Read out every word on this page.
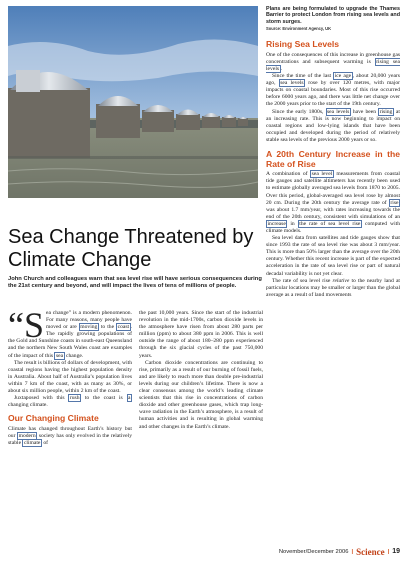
Plans are being formulated to upgrade the Thames Barrier to protect London from rising sea levels and storm surges.
Source: Environment Agency, UK
Rising Sea Levels

One of the consequences of this increase in greenhouse gas concentrations and subsequent warming is rising sea levels .

Since the time of the last ice age , about 20,000 years ago, sea levels rose by over 120 metres, with major impacts on coastal boundaries. Most of this rise occurred before 6000 years ago, and there was little net change over the 2000 years prior to the start of the 19th century.

Since the early 1800s, sea levels have been rising at an increasing rate. This is now beginning to impact on coastal regions and low-lying islands that have been occupied and developed during the period of relatively stable sea levels of the previous 2000 years or so.

A 20th Century Increase in the Rate of Rise

A combination of sea level measurements from coastal tide gauges and satellite altimeters has recently been used to estimate globally averaged sea levels from 1870 to 2005. Over this period, global-averaged sea level rose by almost 20 cm. During the 20th century the average rate of rise was about 1.7 mm/year, with rates increasing towards the end of the 20th century, consistent with simulations of an increase in the rate of sea level rise computed with climate models.

Sea level data from satellites and tide gauges show that since 1993 the rate of sea level rise was about 3 mm/year. This is more than 50% larger than the average over the 20th century. Whether this recent increase is part of the expected acceleration in the rate of sea level rise or part of natural decadal variability is not yet clear.

The rate of sea level rise relative to the nearby land at particular locations may be smaller or larger than the global average as a result of land movements

Sea Change Threatened by Climate Change
John Church and colleagues warn that sea level rise will have serious consequences during the 21st century and beyond, and will impact the lives of tens of millions of people.

“Sea change” is a modern phenomenon. For many reasons, many people have moved or are moving to the coast . The rapidly growing populations of the Gold and Sunshine coasts in south-east Queensland and the northern New South Wales coast are examples of the impact of this sea change.

The result is billions of dollars of development, with coastal regions having the highest population density in Australia. About half of Australia’s population lives within 7 km of the coast, with as many as 30%, or about six million people, within 2 km of the coast.

Juxtaposed with this rush to the coast is a changing climate.

Our Changing Climate

Climate has changed throughout Earth’s history but our modern society has only evolved in the relatively stable climate of

the past 10,000 years. Since the start of the industrial revolution in the mid-1700s, carbon dioxide levels in the atmosphere have risen from about 280 parts per million (ppm) to about 380 ppm in 2006. This is well outside the range of about 180–280 ppm experienced through the six glacial cycles of the past 750,000 years.

Carbon dioxide concentrations are continuing to rise, primarily as a result of our burning of fossil fuels, and are likely to reach more than double pre-industrial levels during our children’s lifetime. There is now a clear consensus among the world’s leading climate scientists that this rise in concentrations of carbon dioxide and other greenhouse gases, which trap long-wave radiation in the Earth’s atmosphere, is a result of human activities and is resulting in global warming and other changes in the Earth’s climate.

November/December 2006 | Science | 19
